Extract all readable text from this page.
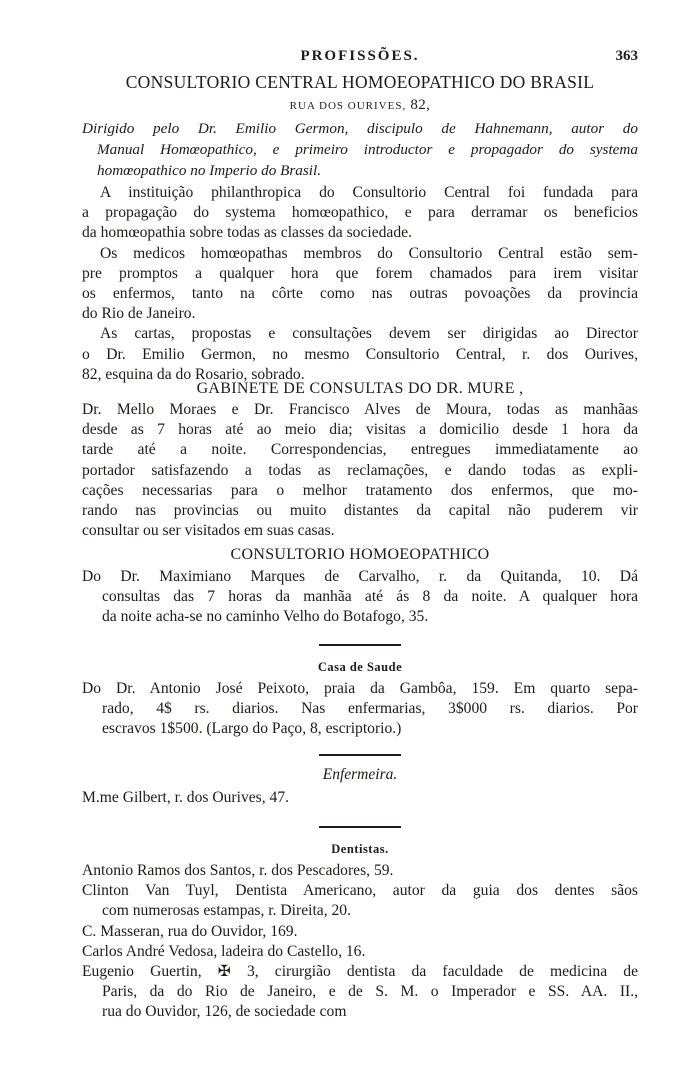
PROFISSÕES.	363
CONSULTORIO CENTRAL HOMOEOPATHICO DO BRASIL
RUA DOS OURIVES, 82,

Dirigido pelo Dr. Emilio Germon, discipulo de Hahnemann, autor do
Manual Homœopathico, e primeiro introductor e propagador do systema
homœopathico no Imperio do Brasil.

A instituição philanthropica do Consultorio Central foi fundada para
a propagação do systema homœopathico, e para derramar os beneficios
da homœopathia sobre todas as classes da sociedade.

Os medicos homœopathas membros do Consultorio Central estão sem-
pre promptos a qualquer hora que forem chamados para irem visitar
os enfermos, tanto na côrte como nas outras povoações da provincia
do Rio de Janeiro.

As cartas, propostas e consultações devem ser dirigidas ao Director
o Dr. Emilio Germon, no mesmo Consultorio Central, r. dos Ourives,
82, esquina da do Rosario, sobrado.

GABINETE DE CONSULTAS DO DR. MURE ,

Dr. Mello Moraes e Dr. Francisco Alves de Moura, todas as manhãas
desde as 7 horas até ao meio dia; visitas a domicilio desde 1 hora da
tarde até a noite. Correspondencias, entregues immediatamente ao
portador satisfazendo a todas as reclamações, e dando todas as expli-
cações necessarias para o melhor tratamento dos enfermos, que mo-
rando nas provincias ou muito distantes da capital não puderem vir
consultar ou ser visitados em suas casas.

CONSULTORIO HOMOEOPATHICO

Do Dr. Maximiano Marques de Carvalho, r. da Quitanda, 10. Dá
consultas das 7 horas da manhãa até ás 8 da noite. A qualquer hora
da noite acha-se no caminho Velho do Botafogo, 35.

Casa de Saude

Do Dr. Antonio José Peixoto, praia da Gambôa, 159. Em quarto sepa-
rado, 4$ rs. diarios. Nas enfermarias, 3$000 rs. diarios. Por
escravos 1$500. (Largo do Paço, 8, escriptorio.)

Enfermeira.

M.me Gilbert, r. dos Ourives, 47.

Dentistas.
Antonio Ramos dos Santos, r. dos Pescadores, 59.
Clinton Van Tuyl, Dentista Americano, autor da guia dos dentes sãos
com numerosas estampas, r. Direita, 20.
C. Masseran, rua do Ouvidor, 169.
Carlos André Vedosa, ladeira do Castello, 16.
Eugenio Guertin, ✠ 3, cirurgião dentista da faculdade de medicina de
Paris, da do Rio de Janeiro, e de S. M. o Imperador e SS. AA. II.,
rua do Ouvidor, 126, de sociedade com
